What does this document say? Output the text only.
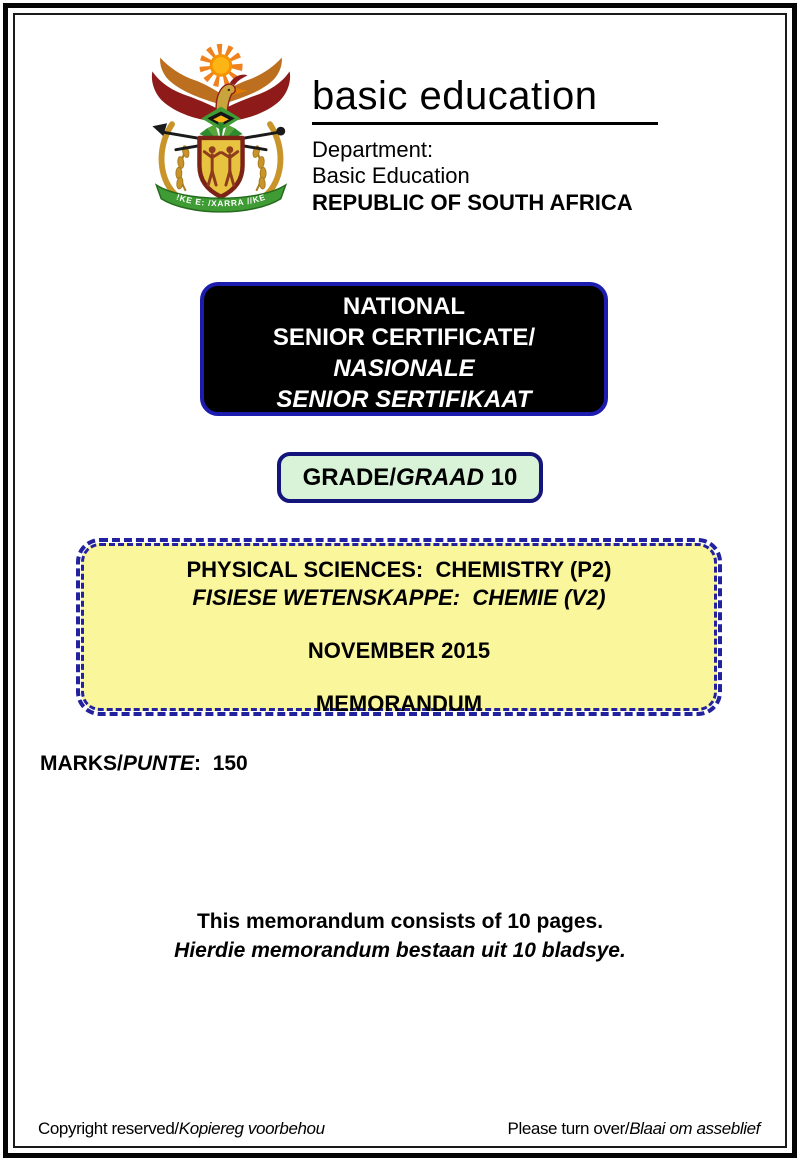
!KE E: /XARRA //KE
basic education
Department:
Basic Education
REPUBLIC OF SOUTH AFRICA
NATIONAL
SENIOR CERTIFICATE/
NASIONALE
SENIOR SERTIFIKAAT
GRADE/GRAAD 10
PHYSICAL SCIENCES:  CHEMISTRY (P2)
FISIESE WETENSKAPPE:  CHEMIE (V2)
NOVEMBER 2015
MEMORANDUM
MARKS/PUNTE:  150
This memorandum consists of 10 pages.
Hierdie memorandum bestaan uit 10 bladsye.
Copyright reserved/Kopiereg voorbehou	Please turn over/Blaai om asseblief
